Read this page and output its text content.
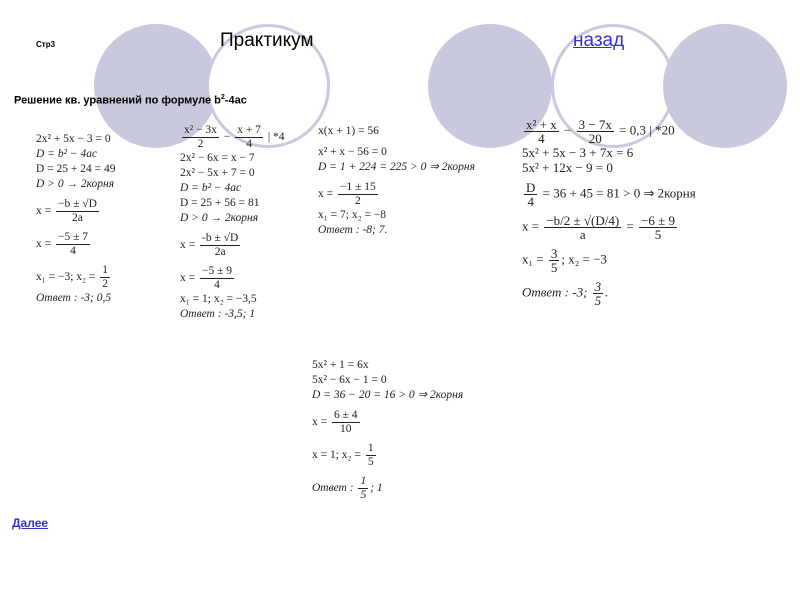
Стр3	Практикум	назад
Решение кв. уравнений по формуле $b^2-4ac$

2x² + 5x − 3 = 0

D = b² − 4ac

D = 25 + 24 = 49

D > 0 → 2корня

$x = \frac{-b \pm √D}{2a}$

$x = \frac{-5 \pm 7}{4}$

x₁ = −3; $x_2 = \frac{1}{2}$

Ответ : -3; 0,5

$\frac{\text{x² − 3x}}{2} - \frac{x + 7}{4}$ | *4

2x² − 6x = x − 7

2x² − 5x + 7 = 0

D = b² − 4ac

D = 25 + 56 = 81

D > 0 → 2корня

$x = \frac{-b \pm √D}{2a}$

$x = \frac{-5 \pm 9}{4}$

x₁ = 1; x₂ = −3,5

Ответ : -3,5; 1

x(x + 1) = 56

x² + x − 56 = 0

D = 1 + 224 = 225 > 0 ⇒ 2корня

$x = \frac{-1 \pm 15}{2}$

x₁ = 7; x₂ = −8

Ответ : -8; 7.

$\frac{\text{x² + x}}{4} - \frac{3 - 7x}{20} = 0,3$ | *20

5x² + 5x − 3 + 7x = 6

5x² + 12x − 9 = 0

$\frac{D}{4} = 36 + 45 = 81 > 0$ ⇒ 2корня

$x = \frac{-b/2 \pm √(D/4)}{a} = \frac{-6 \pm 9}{5}$

$x_1 = \frac{3}{5}$ ; x₂ = −3

Ответ : -3; $\frac{3}{5}$ .

5x² + 1 = 6x

5x² − 6x − 1 = 0

D = 36 − 20 = 16 > 0 ⇒ 2корня

$x = \frac{6 \pm 4}{10}$

x = 1; $x_2 = \frac{1}{5}$

Ответ : $\frac{1}{5}$ ; 1

Далее
